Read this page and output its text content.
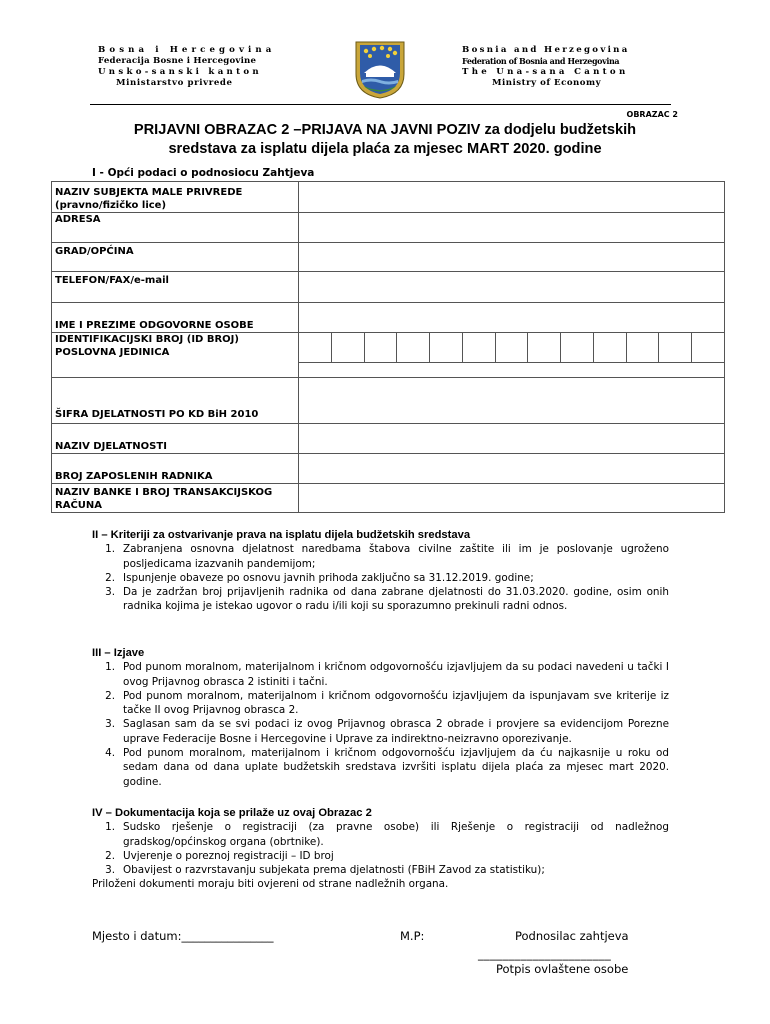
Bosna i Hercegovina
Federacija Bosne i Hercegovine
Unsko-sanski kanton
Ministarstvo privrede
Bosnia and Herzegovina
Federation of Bosnia and Herzegovina
The Una-sana Canton
Ministry of Economy
OBRAZAC 2
PRIJAVNI OBRAZAC 2 –PRIJAVA NA JAVNI POZIV za dodjelu budžetskih
sredstava za isplatu dijela plaća za mjesec MART 2020. godine
I - Opći podaci o podnosiocu Zahtjeva
NAZIV SUBJEKTA MALE PRIVREDE (pravno/fizičko lice)	
ADRESA	
GRAD/OPĆINA	
TELEFON/FAX/e-mail	
IME I PREZIME ODGOVORNE OSOBE	
IDENTIFIKACIJSKI BROJ (ID BROJ) POSLOVNA JEDINICA	

ŠIFRA DJELATNOSTI PO KD BiH 2010	
NAZIV DJELATNOSTI	
BROJ ZAPOSLENIH RADNIKA	
NAZIV BANKE I BROJ TRANSAKCIJSKOG RAČUNA	
II – Kriteriji za ostvarivanje prava na isplatu dijela budžetskih sredstava
1. Zabranjena osnovna djelatnost naredbama štabova civilne zaštite ili im je poslovanje ugroženo posljedicama izazvanih pandemijom;
2. Ispunjenje obaveze po osnovu javnih prihoda zaključno sa 31.12.2019. godine;
3. Da je zadržan broj prijavljenih radnika od dana zabrane djelatnosti do 31.03.2020. godine, osim onih radnika kojima je istekao ugovor o radu i/ili koji su sporazumno prekinuli radni odnos.
III – Izjave
1. Pod punom moralnom, materijalnom i kričnom odgovornošću izjavljujem da su podaci navedeni u tački I ovog Prijavnog obrasca 2 istiniti i tačni.
2. Pod punom moralnom, materijalnom i kričnom odgovornošću izjavljujem da ispunjavam sve kriterije iz tačke II ovog Prijavnog obrasca 2.
3. Saglasan sam da se svi podaci iz ovog Prijavnog obrasca 2 obrade i provjere sa evidencijom Porezne uprave Federacije Bosne i Hercegovine i Uprave za indirektno-neizravno oporezivanje.
4. Pod punom moralnom, materijalnom i kričnom odgovornošću izjavljujem da ću najkasnije u roku od sedam dana od dana uplate budžetskih sredstava izvršiti isplatu dijela plaća za mjesec mart 2020. godine.
IV – Dokumentacija koja se prilaže uz ovaj Obrazac 2
1. Sudsko rješenje o registraciji (za pravne osobe) ili Rješenje o registraciji od nadležnog gradskog/općinskog organa (obrtnike).
2. Uvjerenje o poreznoj registraciji – ID broj
3. Obavijest o razvrstavanju subjekata prema djelatnosti (FBiH Zavod za statistiku);
Priloženi dokumenti moraju biti ovjereni od strane nadležnih organa.
Mjesto i datum:________________	M.P:	Podnosilac zahtjeva
______________________
Potpis ovlaštene osobe
